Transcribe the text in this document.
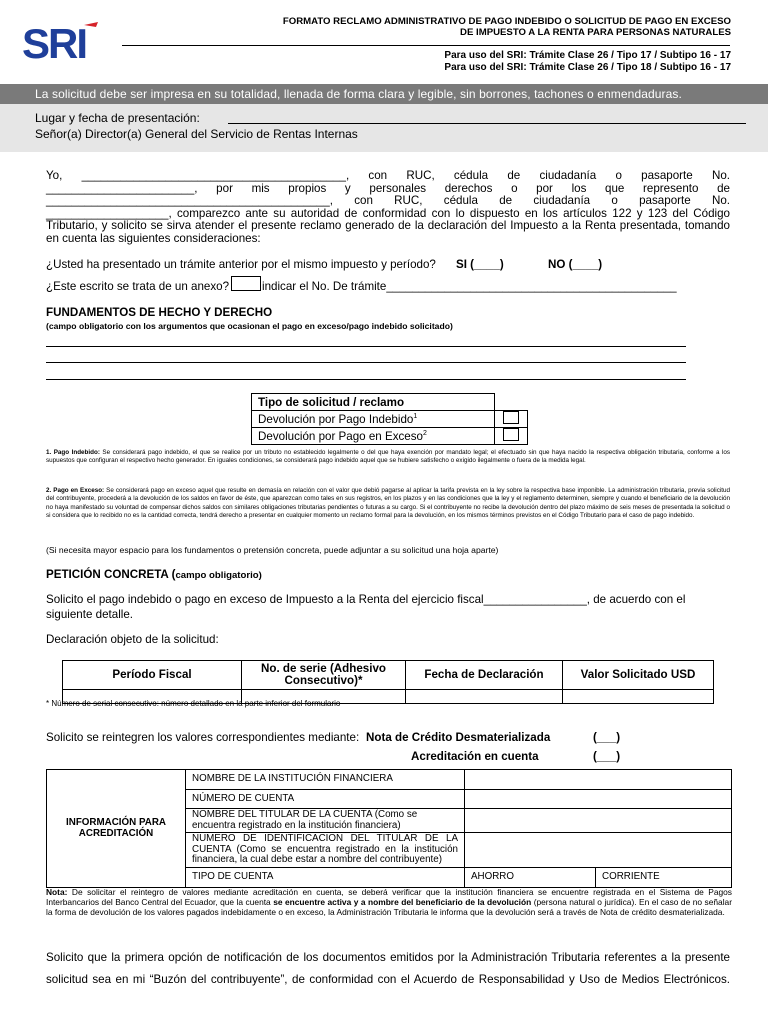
SRI	FORMATO RECLAMO ADMINISTRATIVO DE PAGO INDEBIDO O SOLICITUD DE PAGO EN EXCESO
DE IMPUESTO A LA RENTA PARA PERSONAS NATURALES
Para uso del SRI: Trámite Clase 26 / Tipo 17 / Subtipo 16 - 17
Para uso del SRI: Trámite Clase 26 / Tipo 18 / Subtipo 16 - 17
La solicitud debe ser impresa en su totalidad, llenada de forma clara y legible, sin borrones, tachones o enmendaduras.
Lugar y fecha de presentación:
Señor(a) Director(a) General del Servicio de Rentas Internas
Yo, _________________________________________, con RUC, cédula de ciudadanía o pasaporte No.
_______________________, por mis propios y personales derechos o por los que represento de
____________________________________________, con RUC, cédula de ciudadanía o pasaporte No.
___________________, comparezco ante su autoridad de conformidad con lo dispuesto en los artículos 122 y 123 del Código
Tributario, y solicito se sirva atender el presente reclamo generado de la declaración del Impuesto a la Renta presentada, tomando
en cuenta las siguientes consideraciones:
¿Usted ha presentado un trámite anterior por el mismo impuesto y período? SI (____)	NO (____)
¿Este escrito se trata de un anexo?	indicar el No. De trámite_____________________________________________
FUNDAMENTOS DE HECHO Y DERECHO
(campo obligatorio con los argumentos que ocasionan el pago en exceso/pago indebido solicitado)
Tipo de solicitud / reclamo	
Devolución por Pago Indebido$^1$	
Devolución por Pago en Exceso$^2$	
1. Pago Indebido: Se considerará pago indebido, el que se realice por un tributo no establecido legalmente o del que haya exención por mandato legal; el efectuado sin que haya nacido la respectiva obligación tributaria, conforme a los supuestos que configuran el respectivo hecho generador. En iguales condiciones, se considerará pago indebido aquel que se hubiere satisfecho o exigido ilegalmente o fuera de la medida legal.
2. Pago en Exceso: Se considerará pago en exceso aquel que resulte en demasía en relación con el valor que debió pagarse al aplicar la tarifa prevista en la ley sobre la respectiva base imponible. La administración tributaria, previa solicitud del contribuyente, procederá a la devolución de los saldos en favor de éste, que aparezcan como tales en sus registros, en los plazos y en las condiciones que la ley y el reglamento determinen, siempre y cuando el beneficiario de la devolución no haya manifestado su voluntad de compensar dichos saldos con similares obligaciones tributarias pendientes o futuras a su cargo. Si el contribuyente no recibe la devolución dentro del plazo máximo de seis meses de presentada la solicitud o si considera que lo recibido no es la cantidad correcta, tendrá derecho a presentar en cualquier momento un reclamo formal para la devolución, en los mismos términos previstos en el Código Tributario para el caso de pago indebido.
(Si necesita mayor espacio para los fundamentos o pretensión concreta, puede adjuntar a su solicitud una hoja aparte)
PETICIÓN CONCRETA (campo obligatorio)
Solicito el pago indebido o pago en exceso de Impuesto a la Renta del ejercicio fiscal________________, de acuerdo con el
siguiente detalle.
Declaración objeto de la solicitud:
Período Fiscal	No. de serie (Adhesivo Consecutivo)*	Fecha de Declaración	Valor Solicitado USD

* Número de serial consecutivo: número detallado en la parte inferior del formulario
Solicito se reintegren los valores correspondientes mediante: Nota de Crédito Desmaterializada	(___)
Acreditación en cuenta	(___)
INFORMACIÓN PARA ACREDITACIÓN	NOMBRE DE LA INSTITUCIÓN FINANCIERA		
	NÚMERO DE CUENTA		
	NOMBRE DEL TITULAR DE LA CUENTA (Como se encuentra registrado en la institución financiera)		
	NUMERO DE IDENTIFICACION DEL TITULAR DE LA CUENTA (Como se encuentra registrado en la institución financiera, la cual debe estar a nombre del contribuyente)		
	TIPO DE CUENTA	AHORRO	CORRIENTE
Nota: De solicitar el reintegro de valores mediante acreditación en cuenta, se deberá verificar que la institución financiera se encuentre registrada en el Sistema de Pagos Interbancarios del Banco Central del Ecuador, que la cuenta se encuentre activa y a nombre del beneficiario de la devolución (persona natural o jurídica). En el caso de no señalar la forma de devolución de los valores pagados indebidamente o en exceso, la Administración Tributaria le informa que la devolución será a través de Nota de crédito desmaterializada.
Solicito que la primera opción de notificación de los documentos emitidos por la Administración Tributaria referentes a la presente
solicitud sea en mi “Buzón del contribuyente”, de conformidad con el Acuerdo de Responsabilidad y Uso de Medios Electrónicos.
